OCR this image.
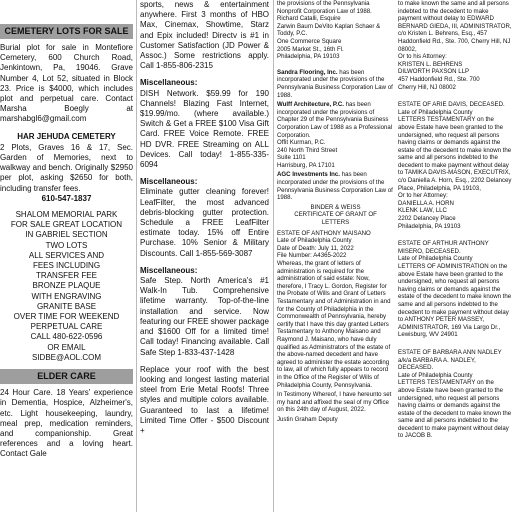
CEMETERY LOTS FOR SALE
Burial plot for sale in Montefiore Cemetery, 600 Church Road, Jenkintown, Pa, 19046. Grave Number 4, Lot 52, situated in Block 23. Price is $4000, which includes plot and perpetual care. Contact Marsha Boegly at marshabgl6@gmail.com
HAR JEHUDA CEMETERY
2 Plots, Graves 16 & 17, Sec. Garden of Memories, next to walkway and bench. Originally $2950 per plot, asking $2650 for both, including transfer fees.
610-547-1837
SHALOM MEMORIAL PARK
FOR SALE GREAT LOCATION
IN GABRIEL SECTION
TWO LOTS
ALL SERVICES AND
FEES INCLUDING
TRANSFER FEE
BRONZE PLAQUE
WITH ENGRAVING
GRANITE BASE
OVER TIME FOR WEEKEND
PERPETUAL CARE
CALL 480-622-0596
OR EMAIL
SIDBE@AOL.COM
ELDER CARE
24 Hour Care. 18 Years' experience in Dementia, Hospice, Alzheimer's, etc. Light housekeeping, laundry, meal prep, medication reminders, and companionship. Great references and a loving heart. Contact Gale
sports, news & entertainment anywhere. First 3 months of HBO Max, Cinemax, Showtime, Starz and Epix included! Directv is #1 in Customer Satisfaction (JD Power & Assoc.) Some restrictions apply. Call 1-855-806-2315
Miscellaneous:
DISH Network. $59.99 for 190 Channels! Blazing Fast Internet, $19.99/mo. (where available.) Switch & Get a FREE $100 Visa Gift Card. FREE Voice Remote. FREE HD DVR. FREE Streaming on ALL Devices. Call today! 1-855-335-6094
Miscellaneous:
Eliminate gutter cleaning forever! LeafFilter, the most advanced debris-blocking gutter protection. Schedule a FREE LeafFilter estimate today. 15% off Entire Purchase. 10% Senior & Military Discounts. Call 1-855-569-3087
Miscellaneous:
Safe Step. North America's #1 Walk-In Tub. Comprehensive lifetime warranty. Top-of-the-line installation and service. Now featuring our FREE shower package and $1600 Off for a limited time! Call today! Financing available. Call Safe Step 1-833-437-1428
Replace your roof with the best looking and longest lasting material steel from Erie Metal Roofs! Three styles and multiple colors available. Guaranteed to last a lifetime! Limited Time Offer - $500 Discount +

the provisions of the Pennsylvania Nonprofit Corporation Law of 1988. Richard Catalli, Esquire
Zarwin Baum DeVito Kaplan Schaer & Toddy, P.C.
One Commerce Square
2005 Market St., 16th Fl.
Philadelphia, PA 19103

Sandra Flooring, Inc. has been incorporated under the provisions of the Pennsylvania Business Corporation Law of 1988.

Wulff Architecture, P.C. has been incorporated under the provisions of Chapter 29 of the Pennsylvania Business Corporation Law of 1988 as a Professional Corporation.
Offit Kurman, P.C.
240 North Third Street
Suite 1101
Harrisburg, PA 17101

AGC Investments Inc. has been incorporated under the provisions of the Pennsylvania Business Corporation Law of 1988.

BINDER & WEISS
CERTIFICATE OF GRANT OF
LETTERS
ESTATE OF ANTHONY MAISANO
Late of Philadelphia County
Date of Death: July 11, 2022
File Number: A4365-2022

Whereas, the grant of letters of administration is required for the administration of said estate: Now, therefore, I Tracy L. Gordon, Register for the Probate of Wills and Grant of Letters Testamentary and of Administration in and for the County of Philadelphia in the Commonwealth of Pennsylvania, hereby certify that I have this day granted Letters Testamentary to Anthony Maisano and Raymond J. Maisano, who have duly qualified as Administrators of the estate of the above-named decedent and have agreed to administer the estate according to law, all of which fully appears to record in the Office of the Register of Wills of Philadelphia County, Pennsylvania.

In Testimony Whereof, I have hereunto set my hand and affixed the seal of my Office on this 24th day of August, 2022.

Justin Graham Deputy

to make known the same and all persons indebted to the decedent to make payment without delay to EDWARD BERNARD GIEDA, III, ADMINISTRATOR, c/o Kristen L. Behrens, Esq., 457 Haddonfield Rd., Ste. 700, Cherry Hill, NJ 08002,
Or to his Attorney:
KRISTEN L. BEHRENS
DILWORTH PAXSON LLP
457 Haddonfield Rd., Ste. 700
Cherry Hill, NJ 08002

ESTATE OF ARIE DAVIS, DECEASED.
Late of Philadelphia County
LETTERS TESTAMENTARY on the above Estate have been granted to the undersigned, who request all persons having claims or demands against the estate of the decedent to make known the same and all persons indebted to the decedent to make payment without delay to TAMIKA DAVIS-MASON, EXECUTRIX, c/o Daniella A. Horn, Esq., 2202 Delancey Place, Philadelphia, PA 19103,
Or to her Attorney:
DANIELLA A. HORN
KLENK LAW, LLC
2202 Delancey Place
Philadelphia, PA 19103

ESTATE OF ARTHUR ANTHONY MISERO, DECEASED.
Late of Philadelphia County
LETTERS OF ADMINISTRATION on the above Estate have been granted to the undersigned, who request all persons having claims or demands against the estate of the decedent to make known the same and all persons indebted to the decedent to make payment without delay to ANTHONY PETER MASSEY, ADMINISTRATOR, 169 Via Largo Dr., Lewisburg, WV 24901

ESTATE OF BARBARA ANN NADLEY a/k/a BARBARA A. NADLEY, DECEASED.
Late of Philadelphia County
LETTERS TESTAMENTARY on the above Estate have been granted to the undersigned, who request all persons having claims or demands against the estate of the decedent to make known the same and all persons indebted to the decedent to make payment without delay to JACOB B.
